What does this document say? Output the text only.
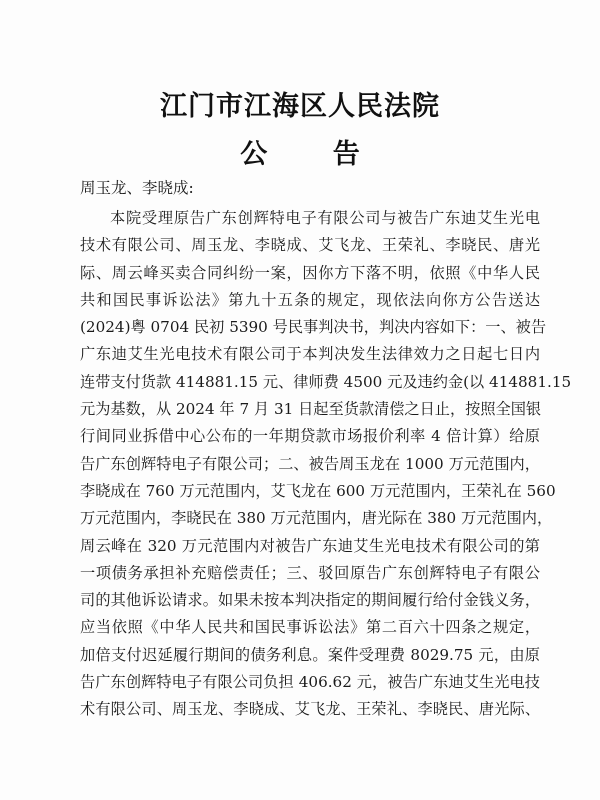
江门市江海区人民法院
公 告
周玉龙、李晓成:
本院受理原告广东创辉特电子有限公司与被告广东迪艾生光电
技术有限公司、周玉龙、李晓成、艾飞龙、王荣礼、李晓民、唐光
际、周云峰买卖合同纠纷一案，因你方下落不明，依照《中华人民
共和国民事诉讼法》第九十五条的规定，现依法向你方公告送达
(2024)粤 0704 民初 5390 号民事判决书，判决内容如下：一、被告
广东迪艾生光电技术有限公司于本判决发生法律效力之日起七日内
连带支付货款 414881.15 元、律师费 4500 元及违约金(以 414881.15
元为基数，从 2024 年 7 月 31 日起至货款清偿之日止，按照全国银
行间同业拆借中心公布的一年期贷款市场报价利率 4 倍计算）给原
告广东创辉特电子有限公司；二、被告周玉龙在 1000 万元范围内，
李晓成在 760 万元范围内，艾飞龙在 600 万元范围内，王荣礼在 560
万元范围内，李晓民在 380 万元范围内，唐光际在 380 万元范围内，
周云峰在 320 万元范围内对被告广东迪艾生光电技术有限公司的第
一项债务承担补充赔偿责任；三、驳回原告广东创辉特电子有限公
司的其他诉讼请求。如果未按本判决指定的期间履行给付金钱义务，
应当依照《中华人民共和国民事诉讼法》第二百六十四条之规定，
加倍支付迟延履行期间的债务利息。案件受理费 8029.75 元，由原
告广东创辉特电子有限公司负担 406.62 元，被告广东迪艾生光电技
术有限公司、周玉龙、李晓成、艾飞龙、王荣礼、李晓民、唐光际、
